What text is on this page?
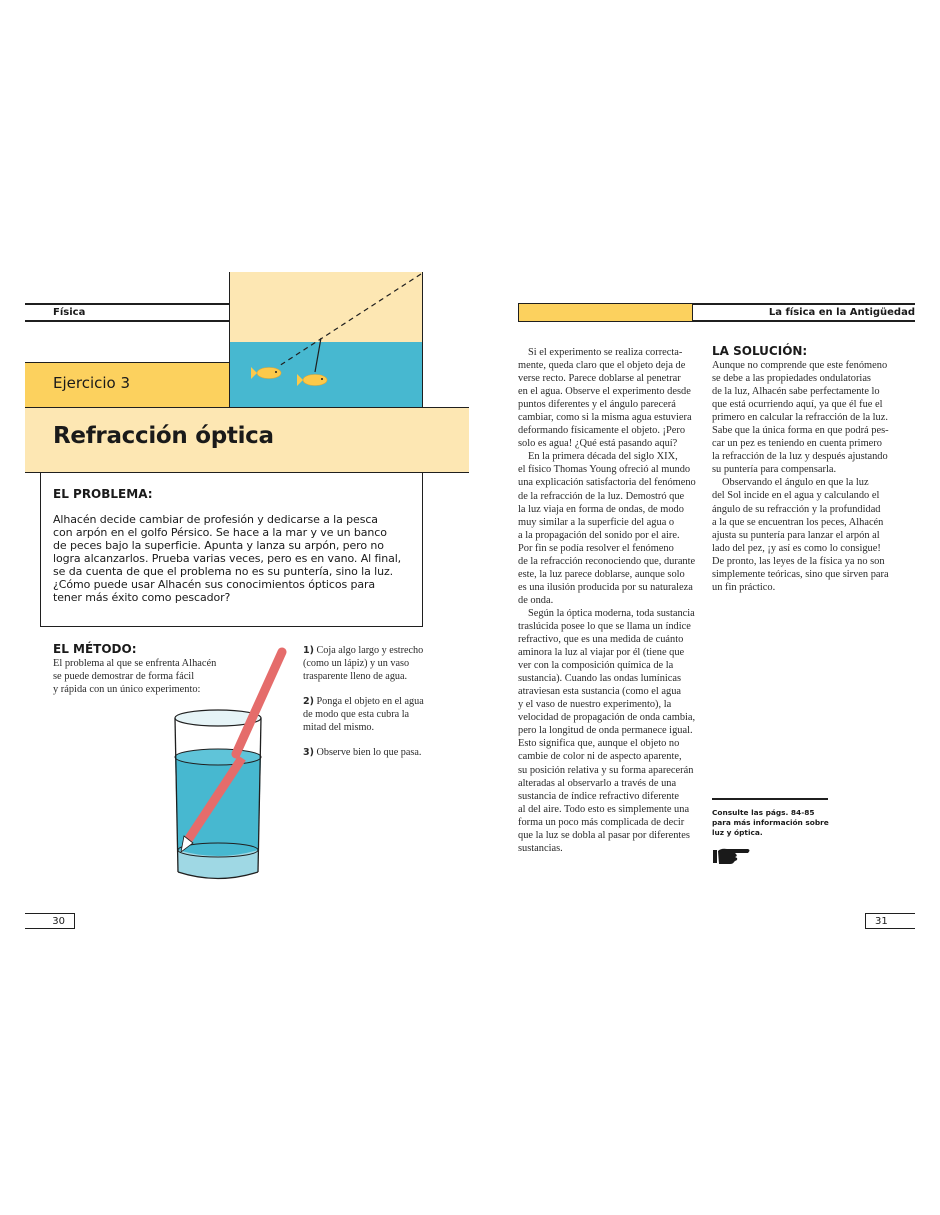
Física
Ejercicio 3
Refracción óptica
EL PROBLEMA:
Alhacén decide cambiar de profesión y dedicarse a la pesca
con arpón en el golfo Pérsico. Se hace a la mar y ve un banco
de peces bajo la superficie. Apunta y lanza su arpón, pero no
logra alcanzarlos. Prueba varias veces, pero es en vano. Al final,
se da cuenta de que el problema no es su puntería, sino la luz.
¿Cómo puede usar Alhacén sus conocimientos ópticos para
tener más éxito como pescador?
EL MÉTODO:
El problema al que se enfrenta Alhacén
se puede demostrar de forma fácil
y rápida con un único experimento:
1) Coja algo largo y estrecho
(como un lápiz) y un vaso
trasparente lleno de agua.
2) Ponga el objeto en el agua
de modo que esta cubra la
mitad del mismo.
3) Observe bien lo que pasa.
30
La física en la Antigüedad

Si el experimento se realiza correcta-
mente, queda claro que el objeto deja de
verse recto. Parece doblarse al penetrar
en el agua. Observe el experimento desde
puntos diferentes y el ángulo parecerá
cambiar, como si la misma agua estuviera
deformando físicamente el objeto. ¡Pero
solo es agua! ¿Qué está pasando aquí?

En la primera década del siglo XIX,
el físico Thomas Young ofreció al mundo
una explicación satisfactoria del fenómeno
de la refracción de la luz. Demostró que
la luz viaja en forma de ondas, de modo
muy similar a la superficie del agua o
a la propagación del sonido por el aire.
Por fin se podía resolver el fenómeno
de la refracción reconociendo que, durante
este, la luz parece doblarse, aunque solo
es una ilusión producida por su naturaleza
de onda.

Según la óptica moderna, toda sustancia
traslúcida posee lo que se llama un índice
refractivo, que es una medida de cuánto
aminora la luz al viajar por él (tiene que
ver con la composición química de la
sustancia). Cuando las ondas lumínicas
atraviesan esta sustancia (como el agua
y el vaso de nuestro experimento), la
velocidad de propagación de onda cambia,
pero la longitud de onda permanece igual.
Esto significa que, aunque el objeto no
cambie de color ni de aspecto aparente,
su posición relativa y su forma aparecerán
alteradas al observarlo a través de una
sustancia de índice refractivo diferente
al del aire. Todo esto es simplemente una
forma un poco más complicada de decir
que la luz se dobla al pasar por diferentes
sustancias.

LA SOLUCIÓN:

Aunque no comprende que este fenómeno
se debe a las propiedades ondulatorias
de la luz, Alhacén sabe perfectamente lo
que está ocurriendo aquí, ya que él fue el
primero en calcular la refracción de la luz.
Sabe que la única forma en que podrá pes-
car un pez es teniendo en cuenta primero
la refracción de la luz y después ajustando
su puntería para compensarla.

Observando el ángulo en que la luz
del Sol incide en el agua y calculando el
ángulo de su refracción y la profundidad
a la que se encuentran los peces, Alhacén
ajusta su puntería para lanzar el arpón al
lado del pez, ¡y así es como lo consigue!
De pronto, las leyes de la física ya no son
simplemente teóricas, sino que sirven para
un fin práctico.

Consulte las págs. 84-85
para más información sobre
luz y óptica.
31
